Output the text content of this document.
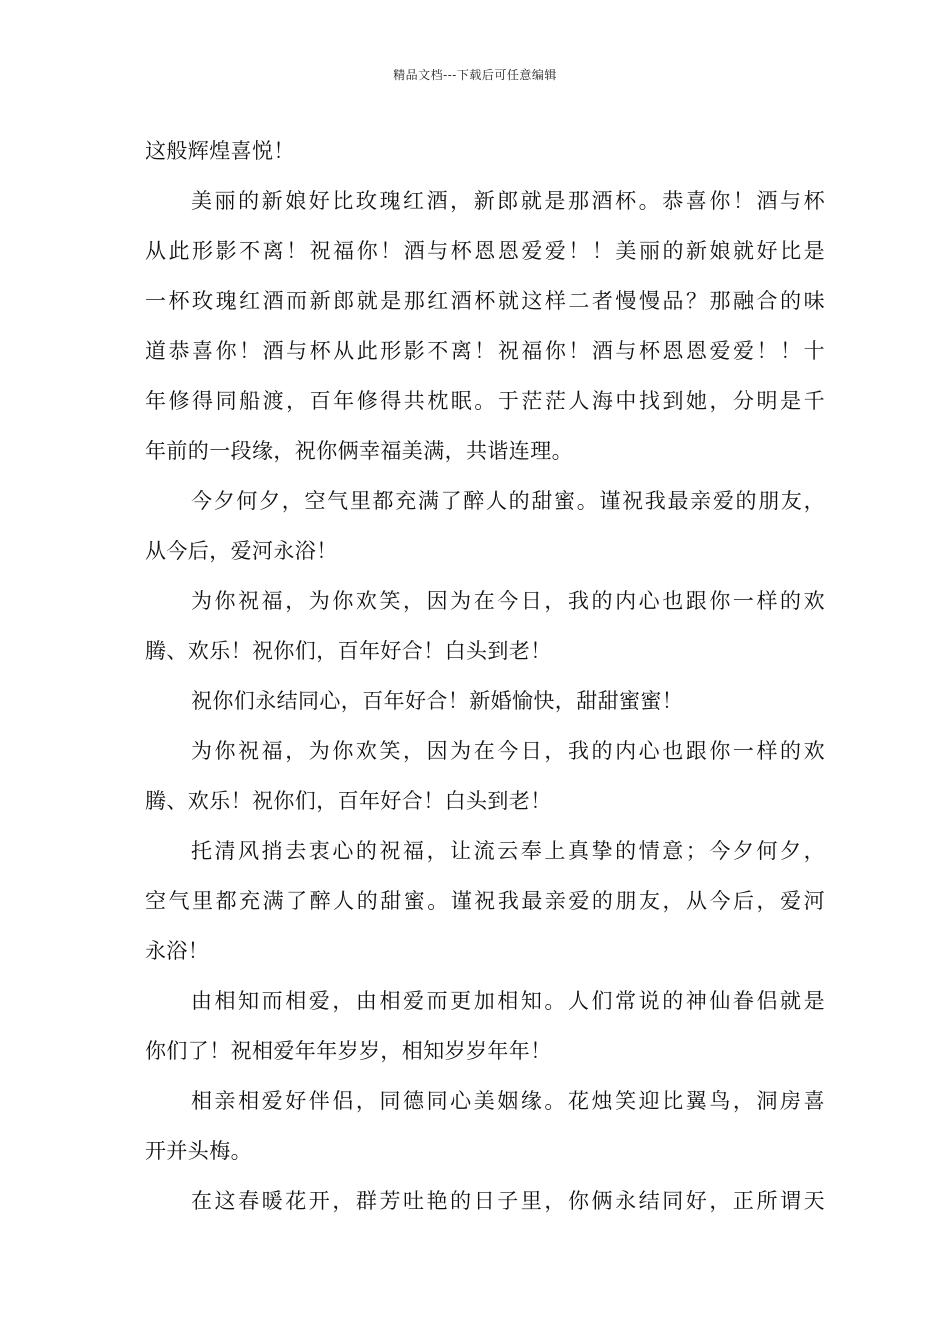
精品文档---下载后可任意编辑
这般辉煌喜悦！
美丽的新娘好比玫瑰红酒，新郎就是那酒杯。恭喜你！酒与杯
从此形影不离！祝福你！酒与杯恩恩爱爱！！美丽的新娘就好比是
一杯玫瑰红酒而新郎就是那红酒杯就这样二者慢慢品？那融合的味
道恭喜你！酒与杯从此形影不离！祝福你！酒与杯恩恩爱爱！！十
年修得同船渡，百年修得共枕眠。于茫茫人海中找到她，分明是千
年前的一段缘，祝你俩幸福美满，共谐连理。
今夕何夕，空气里都充满了醉人的甜蜜。谨祝我最亲爱的朋友，
从今后，爱河永浴！
为你祝福，为你欢笑，因为在今日，我的内心也跟你一样的欢
腾、欢乐！祝你们，百年好合！白头到老！
祝你们永结同心，百年好合！新婚愉快，甜甜蜜蜜！
为你祝福，为你欢笑，因为在今日，我的内心也跟你一样的欢
腾、欢乐！祝你们，百年好合！白头到老！
托清风捎去衷心的祝福，让流云奉上真挚的情意；今夕何夕，
空气里都充满了醉人的甜蜜。谨祝我最亲爱的朋友，从今后，爱河
永浴！
由相知而相爱，由相爱而更加相知。人们常说的神仙眷侣就是
你们了！祝相爱年年岁岁，相知岁岁年年！
相亲相爱好伴侣，同德同心美姻缘。花烛笑迎比翼鸟，洞房喜
开并头梅。
在这春暖花开，群芳吐艳的日子里，你俩永结同好，正所谓天
